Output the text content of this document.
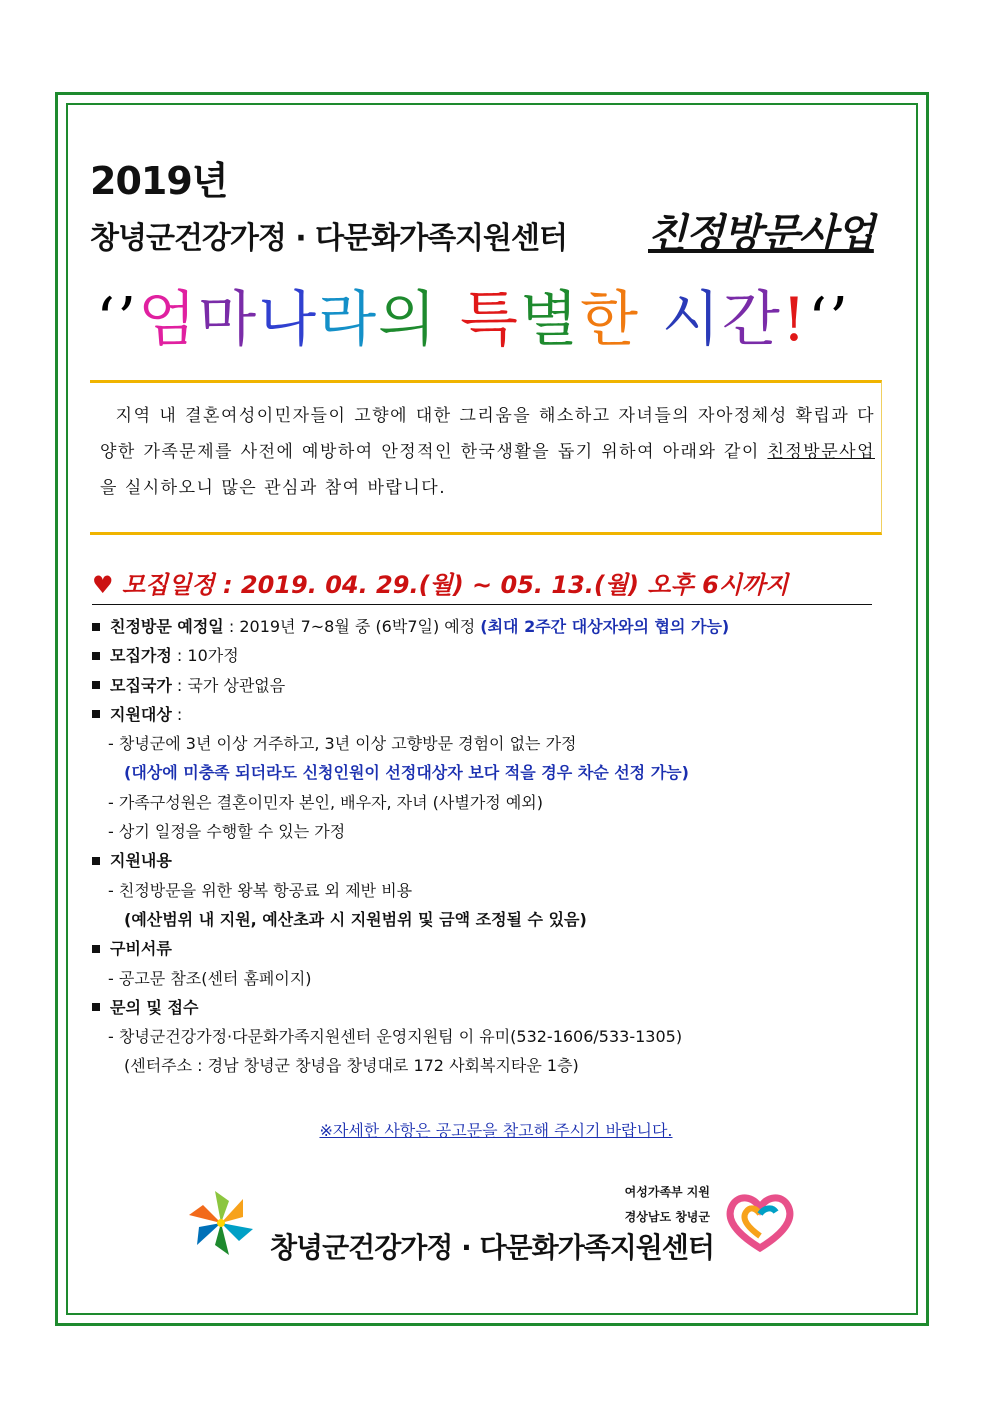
2019년
창녕군건강가정 · 다문화가족지원센터 친정방문사업
‘’엄마나라의 특별한 시간!‘’
지역 내 결혼여성이민자들이 고향에 대한 그리움을 해소하고 자녀들의 자아정체성 확립과 다양한 가족문제를 사전에 예방하여 안정적인 한국생활을 돕기 위하여 아래와 같이 친정방문사업을 실시하오니 많은 관심과 참여 바랍니다.
♥ 모집일정 : 2019. 04. 29.(월) ~ 05. 13.(월) 오후 6시까지
친정방문 예정일 : 2019년 7~8월 중 (6박7일) 예정 (최대 2주간 대상자와의 협의 가능)
모집가정 : 10가정
모집국가 : 국가 상관없음
지원대상 :
- 창녕군에 3년 이상 거주하고, 3년 이상 고향방문 경험이 없는 가정
(대상에 미충족 되더라도 신청인원이 선정대상자 보다 적을 경우 차순 선정 가능)
- 가족구성원은 결혼이민자 본인, 배우자, 자녀 (사별가정 예외)
- 상기 일정을 수행할 수 있는 가정
지원내용
- 친정방문을 위한 왕복 항공료 외 제반 비용
(예산범위 내 지원, 예산초과 시 지원범위 및 금액 조정될 수 있음)
구비서류
- 공고문 참조(센터 홈페이지)
문의 및 접수
- 창녕군건강가정·다문화가족지원센터 운영지원팀 이 유미(532-1606/533-1305)
(센터주소 : 경남 창녕군 창녕읍 창녕대로 172 사회복지타운 1층)
※자세한 사항은 공고문을 참고해 주시기 바랍니다.
여성가족부 지원
경상남도 창녕군
창녕군건강가정 · 다문화가족지원센터
